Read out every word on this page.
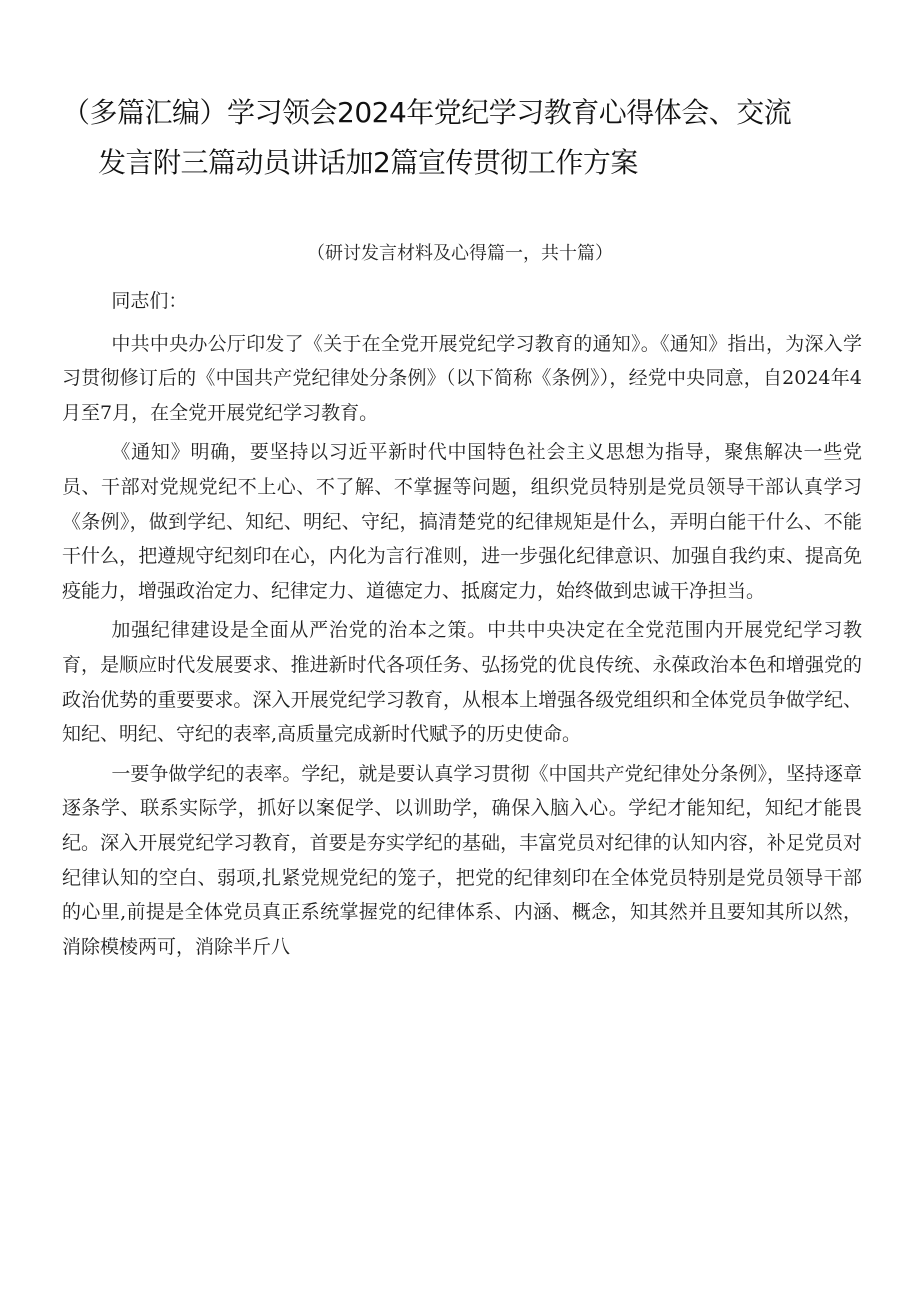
（多篇汇编）学习领会2024年党纪学习教育心得体会、交流
发言附三篇动员讲话加2篇宣传贯彻工作方案
（研讨发言材料及心得篇一，共十篇）

同志们：

中共中央办公厅印发了《关于在全党开展党纪学习教育的通知》。《通知》指出，为深入学习贯彻修订后的《中国共产党纪律处分条例》（以下简称《条例》），经党中央同意，自2024年4月至7月，在全党开展党纪学习教育。

《通知》明确，要坚持以习近平新时代中国特色社会主义思想为指导，聚焦解决一些党员、干部对党规党纪不上心、不了解、不掌握等问题，组织党员特别是党员领导干部认真学习《条例》，做到学纪、知纪、明纪、守纪，搞清楚党的纪律规矩是什么，弄明白能干什么、不能干什么，把遵规守纪刻印在心，内化为言行准则，进一步强化纪律意识、加强自我约束、提高免疫能力，增强政治定力、纪律定力、道德定力、抵腐定力，始终做到忠诚干净担当。

加强纪律建设是全面从严治党的治本之策。中共中央决定在全党范围内开展党纪学习教育，是顺应时代发展要求、推进新时代各项任务、弘扬党的优良传统、永葆政治本色和增强党的政治优势的重要要求。深入开展党纪学习教育，从根本上增强各级党组织和全体党员争做学纪、知纪、明纪、守纪的表率,高质量完成新时代赋予的历史使命。

一要争做学纪的表率。学纪，就是要认真学习贯彻《中国共产党纪律处分条例》，坚持逐章逐条学、联系实际学，抓好以案促学、以训助学，确保入脑入心。学纪才能知纪，知纪才能畏纪。深入开展党纪学习教育，首要是夯实学纪的基础，丰富党员对纪律的认知内容，补足党员对纪律认知的空白、弱项,扎紧党规党纪的笼子，把党的纪律刻印在全体党员特别是党员领导干部的心里,前提是全体党员真正系统掌握党的纪律体系、内涵、概念，知其然并且要知其所以然，消除模棱两可，消除半斤八
